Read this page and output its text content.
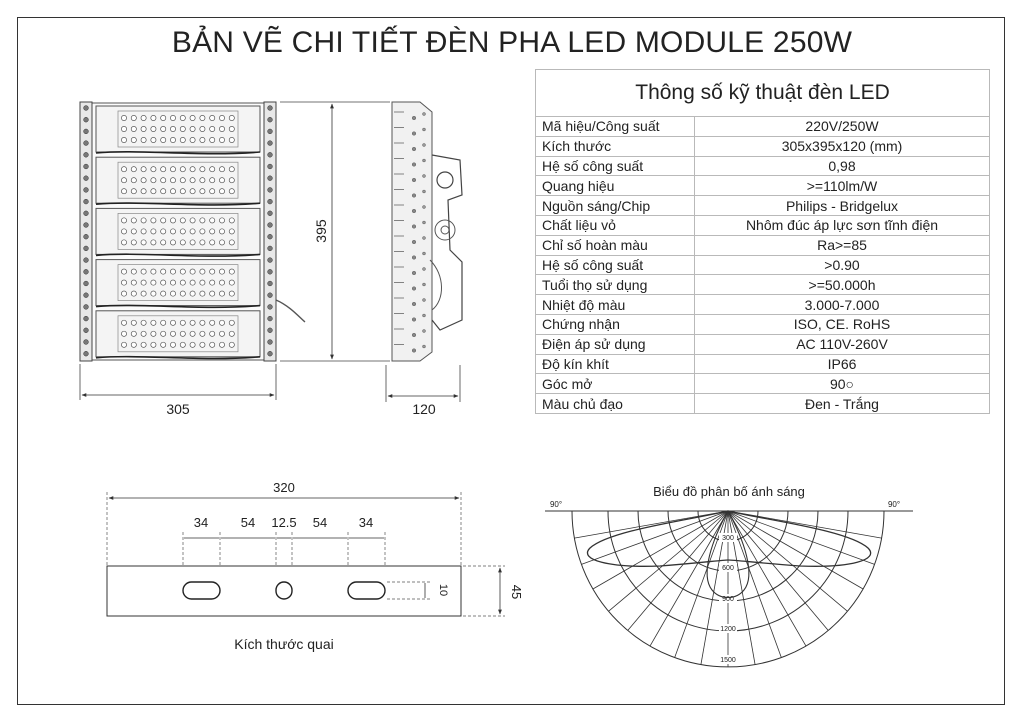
BẢN VẼ CHI TIẾT ĐÈN PHA LED MODULE 250W
Thông số kỹ thuật đèn LED	
Mã hiệu/Công suất	220V/250W
Kích thước	305x395x120 (mm)
Hệ số công suất	0,98
Quang hiệu	>=110lm/W
Nguồn sáng/Chip	Philips - Bridgelux
Chất liệu vỏ	Nhôm đúc áp lực sơn tĩnh điện
Chỉ số hoàn màu	Ra>=85
Hệ số công suất	>0.90
Tuổi thọ sử dụng	>=50.000h
Nhiệt độ màu	3.000-7.000
Chứng nhận	ISO, CE. RoHS
Điện áp sử dụng	AC 110V-260V
Độ kín khít	IP66
Góc mở	90○
Màu chủ đạo	Đen - Trắng
305
395
120
320
34	54 12.5 54 34
10	45
Kích thước quai
Biểu đồ phân bố ánh sáng
90°	90°
300
600
900
1200
1500
